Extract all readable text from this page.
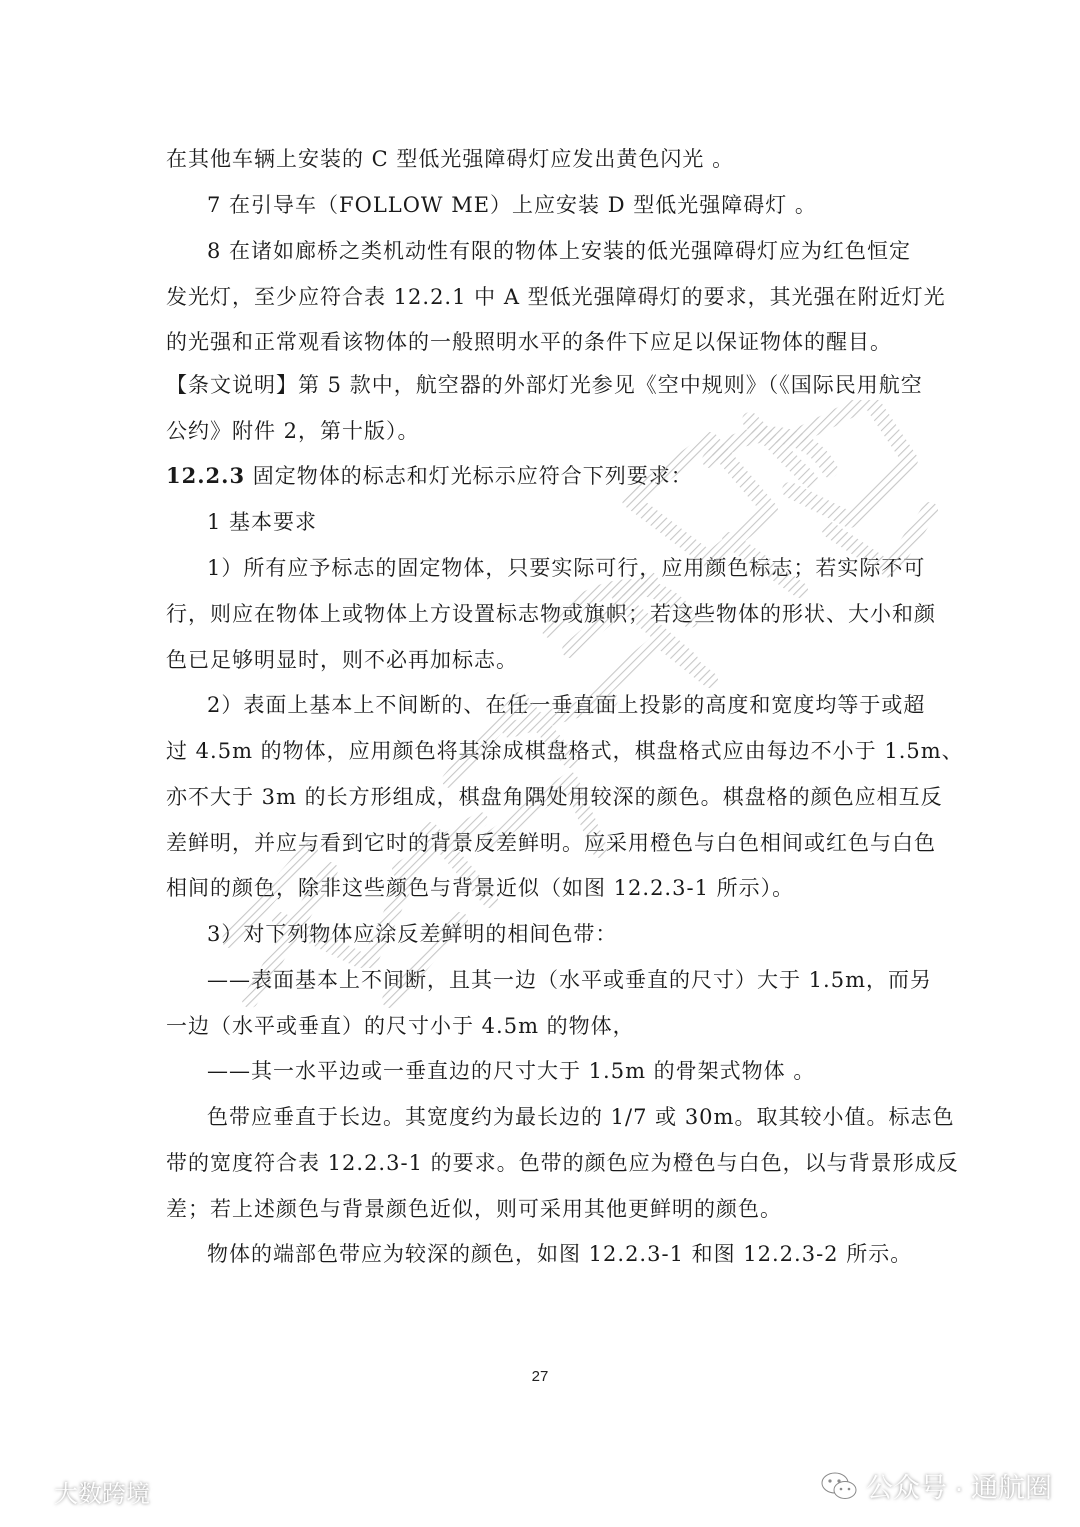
在其他车辆上安装的 C 型低光强障碍灯应发出黄色闪光 。
7 在引导车（FOLLOW ME）上应安装 D 型低光强障碍灯 。
8 在诸如廊桥之类机动性有限的物体上安装的低光强障碍灯应为红色恒定
发光灯，至少应符合表 12.2.1 中 A 型低光强障碍灯的要求，其光强在附近灯光
的光强和正常观看该物体的一般照明水平的条件下应足以保证物体的醒目。
【条文说明】第 5 款中，航空器的外部灯光参见《空中规则》（《国际民用航空
公约》附件 2，第十版）。
12.2.3 固定物体的标志和灯光标示应符合下列要求：
1 基本要求
1）所有应予标志的固定物体，只要实际可行，应用颜色标志；若实际不可
行，则应在物体上或物体上方设置标志物或旗帜；若这些物体的形状、大小和颜
色已足够明显时，则不必再加标志。
2）表面上基本上不间断的、在任一垂直面上投影的高度和宽度均等于或超
过 4.5m 的物体，应用颜色将其涂成棋盘格式，棋盘格式应由每边不小于 1.5m、
亦不大于 3m 的长方形组成，棋盘角隅处用较深的颜色。棋盘格的颜色应相互反
差鲜明，并应与看到它时的背景反差鲜明。应采用橙色与白色相间或红色与白色
相间的颜色，除非这些颜色与背景近似（如图 12.2.3-1 所示）。
3）对下列物体应涂反差鲜明的相间色带：
——表面基本上不间断，且其一边（水平或垂直的尺寸）大于 1.5m，而另
一边（水平或垂直）的尺寸小于 4.5m 的物体，
——其一水平边或一垂直边的尺寸大于 1.5m 的骨架式物体 。
色带应垂直于长边。其宽度约为最长边的 1/7 或 30m。取其较小值。标志色
带的宽度符合表 12.2.3-1 的要求。色带的颜色应为橙色与白色，以与背景形成反
差；若上述颜色与背景颜色近似，则可采用其他更鲜明的颜色。
物体的端部色带应为较深的颜色，如图 12.2.3-1 和图 12.2.3-2 所示。
27
公众号 · 通航圈
大数跨境
